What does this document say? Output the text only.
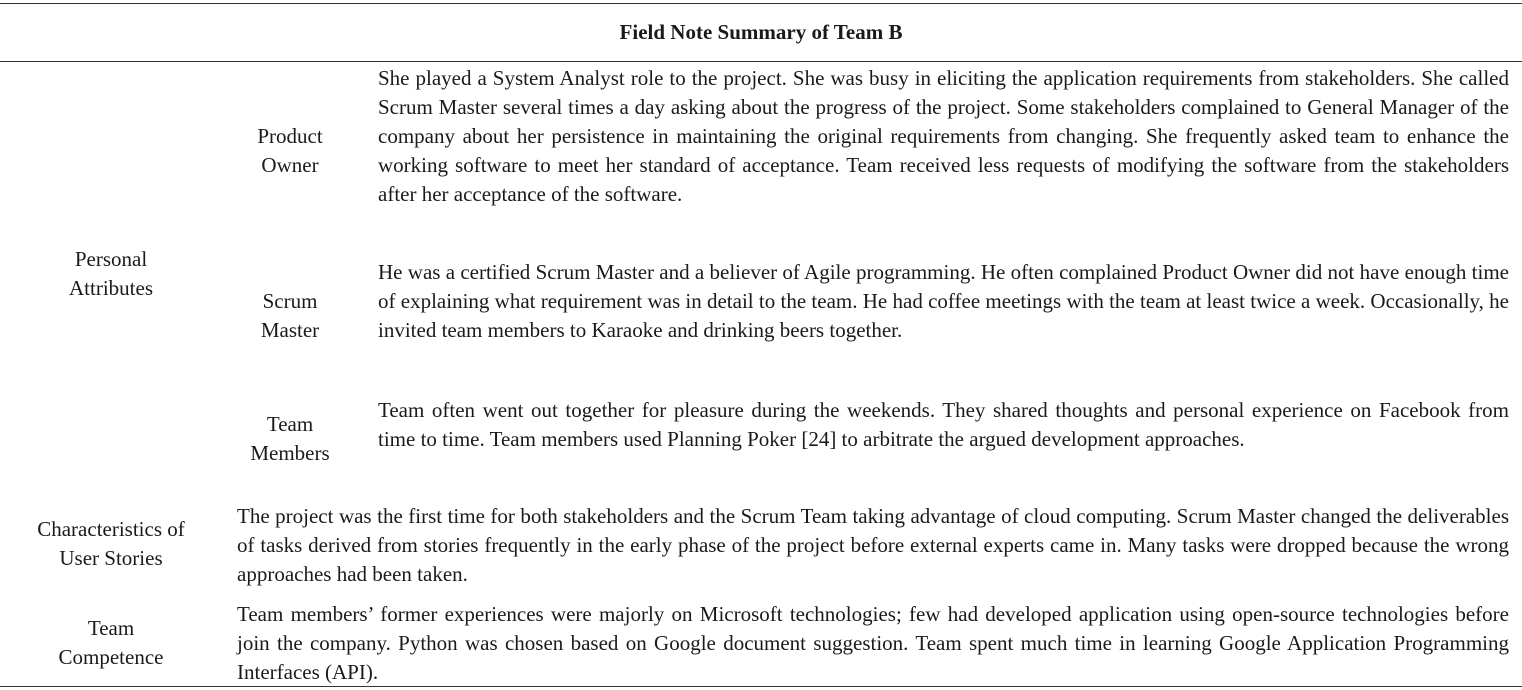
Field Note Summary of Team B
Personal Attributes
Product Owner

She played a System Analyst role to the project. She was busy in eliciting the application requirements from stakeholders. She called Scrum Master several times a day asking about the progress of the project. Some stakeholders complained to General Manager of the company about her persistence in maintaining the original requirements from changing. She frequently asked team to enhance the working software to meet her standard of acceptance. Team received less requests of modifying the software from the stakeholders after her acceptance of the software.

Scrum Master

He was a certified Scrum Master and a believer of Agile programming. He often complained Product Owner did not have enough time of explaining what requirement was in detail to the team. He had coffee meetings with the team at least twice a week. Occasionally, he invited team members to Karaoke and drinking beers together.

Team Members

Team often went out together for pleasure during the weekends. They shared thoughts and personal experience on Facebook from time to time. Team members used Planning Poker [24] to arbitrate the argued development approaches.

Characteristics of User Stories

The project was the first time for both stakeholders and the Scrum Team taking advantage of cloud computing. Scrum Master changed the deliverables of tasks derived from stories frequently in the early phase of the project before external experts came in. Many tasks were dropped because the wrong approaches had been taken.

Team Competence

Team members’ former experiences were majorly on Microsoft technologies; few had developed application using open-source technologies before join the company. Python was chosen based on Google document suggestion. Team spent much time in learning Google Application Programming Interfaces (API).
